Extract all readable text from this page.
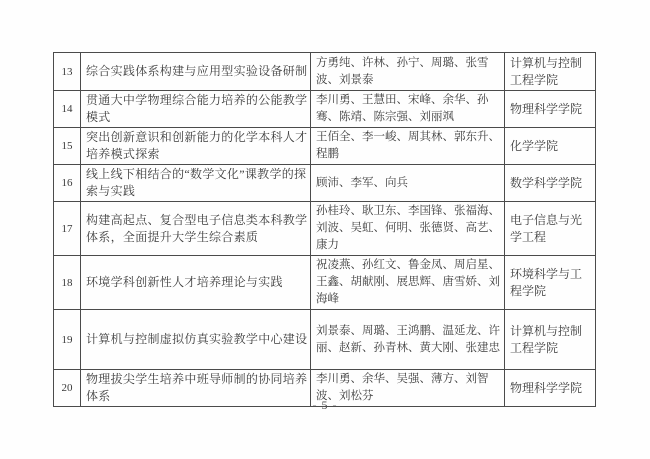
13	综合实践体系构建与应用型实验设备研制	方勇纯、许林、孙宁、周璐、张雪波、刘景泰	计算机与控制工程学院
14	贯通大中学物理综合能力培养的公能教学模式	李川勇、王慧田、宋峰、余华、孙骞、陈靖、陈宗强、刘丽飒	物理科学学院
15	突出创新意识和创新能力的化学本科人才培养模式探索	王佰全、李一峻、周其林、郭东升、程鹏	化学学院
16	线上线下相结合的“数学文化”课教学的探索与实践	顾沛、李军、向兵	数学科学学院
17	构建高起点、复合型电子信息类本科教学体系，全面提升大学生综合素质	孙桂玲、耿卫东、李国锋、张福海、刘波、吴虹、何明、张德贤、高艺、康力	电子信息与光学工程
18	环境学科创新性人才培养理论与实践	祝凌燕、孙红文、鲁金凤、周启星、王鑫、胡献刚、展思辉、唐雪娇、刘海峰	环境科学与工程学院
19	计算机与控制虚拟仿真实验教学中心建设	刘景泰、周璐、王鸿鹏、温延龙、许丽、赵新、孙青林、黄大刚、张建忠	计算机与控制工程学院
20	物理拔尖学生培养中班导师制的协同培养体系	李川勇、余华、吴强、薄方、刘智波、刘松芬	物理科学学院
- 5 -
